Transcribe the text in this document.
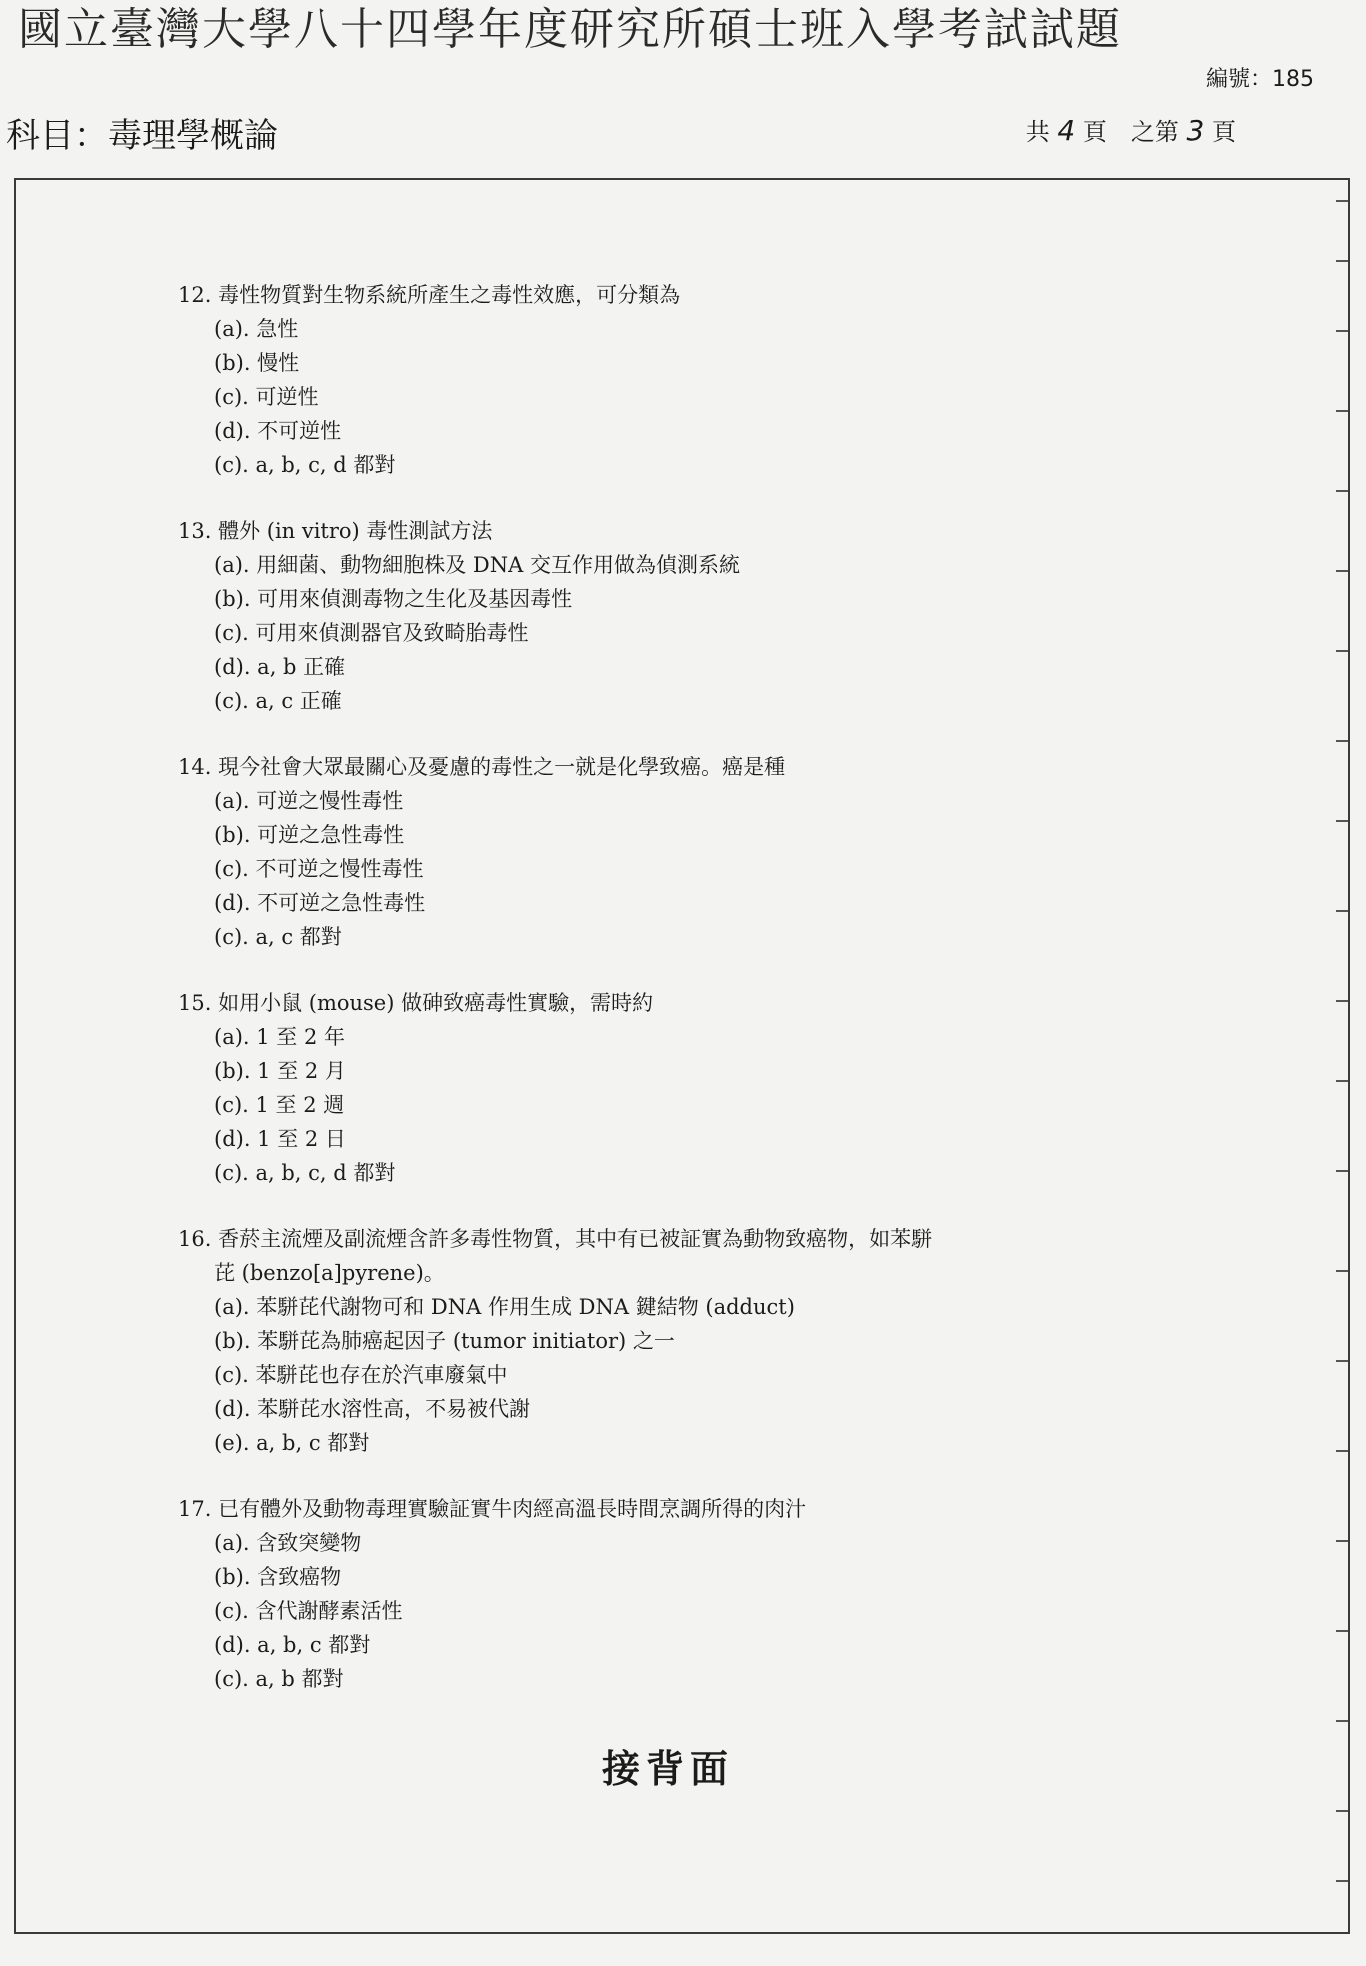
國立臺灣大學八十四學年度研究所碩士班入學考試試題
編號：185
科目：毒理學概論	共 4 頁　之第 3 頁
12. 毒性物質對生物系統所產生之毒性效應，可分類為
(a). 急性
(b). 慢性
(c). 可逆性
(d). 不可逆性
(c). a, b, c, d 都對
13. 體外 (in vitro) 毒性測試方法
(a). 用細菌、動物細胞株及 DNA 交互作用做為偵測系統
(b). 可用來偵測毒物之生化及基因毒性
(c). 可用來偵測器官及致畸胎毒性
(d). a, b 正確
(c). a, c 正確
14. 現今社會大眾最關心及憂慮的毒性之一就是化學致癌。癌是種
(a). 可逆之慢性毒性
(b). 可逆之急性毒性
(c). 不可逆之慢性毒性
(d). 不可逆之急性毒性
(c). a, c 都對
15. 如用小鼠 (mouse) 做砷致癌毒性實驗，需時約
(a). 1 至 2 年
(b). 1 至 2 月
(c). 1 至 2 週
(d). 1 至 2 日
(c). a, b, c, d 都對
16. 香菸主流煙及副流煙含許多毒性物質，其中有已被証實為動物致癌物，如苯駢
芘 (benzo[a]pyrene)。
(a). 苯駢芘代謝物可和 DNA 作用生成 DNA 鍵結物 (adduct)
(b). 苯駢芘為肺癌起因子 (tumor initiator) 之一
(c). 苯駢芘也存在於汽車廢氣中
(d). 苯駢芘水溶性高，不易被代謝
(e). a, b, c 都對
17. 已有體外及動物毒理實驗証實牛肉經高溫長時間烹調所得的肉汁
(a). 含致突變物
(b). 含致癌物
(c). 含代謝酵素活性
(d). a, b, c 都對
(c). a, b 都對
接背面
